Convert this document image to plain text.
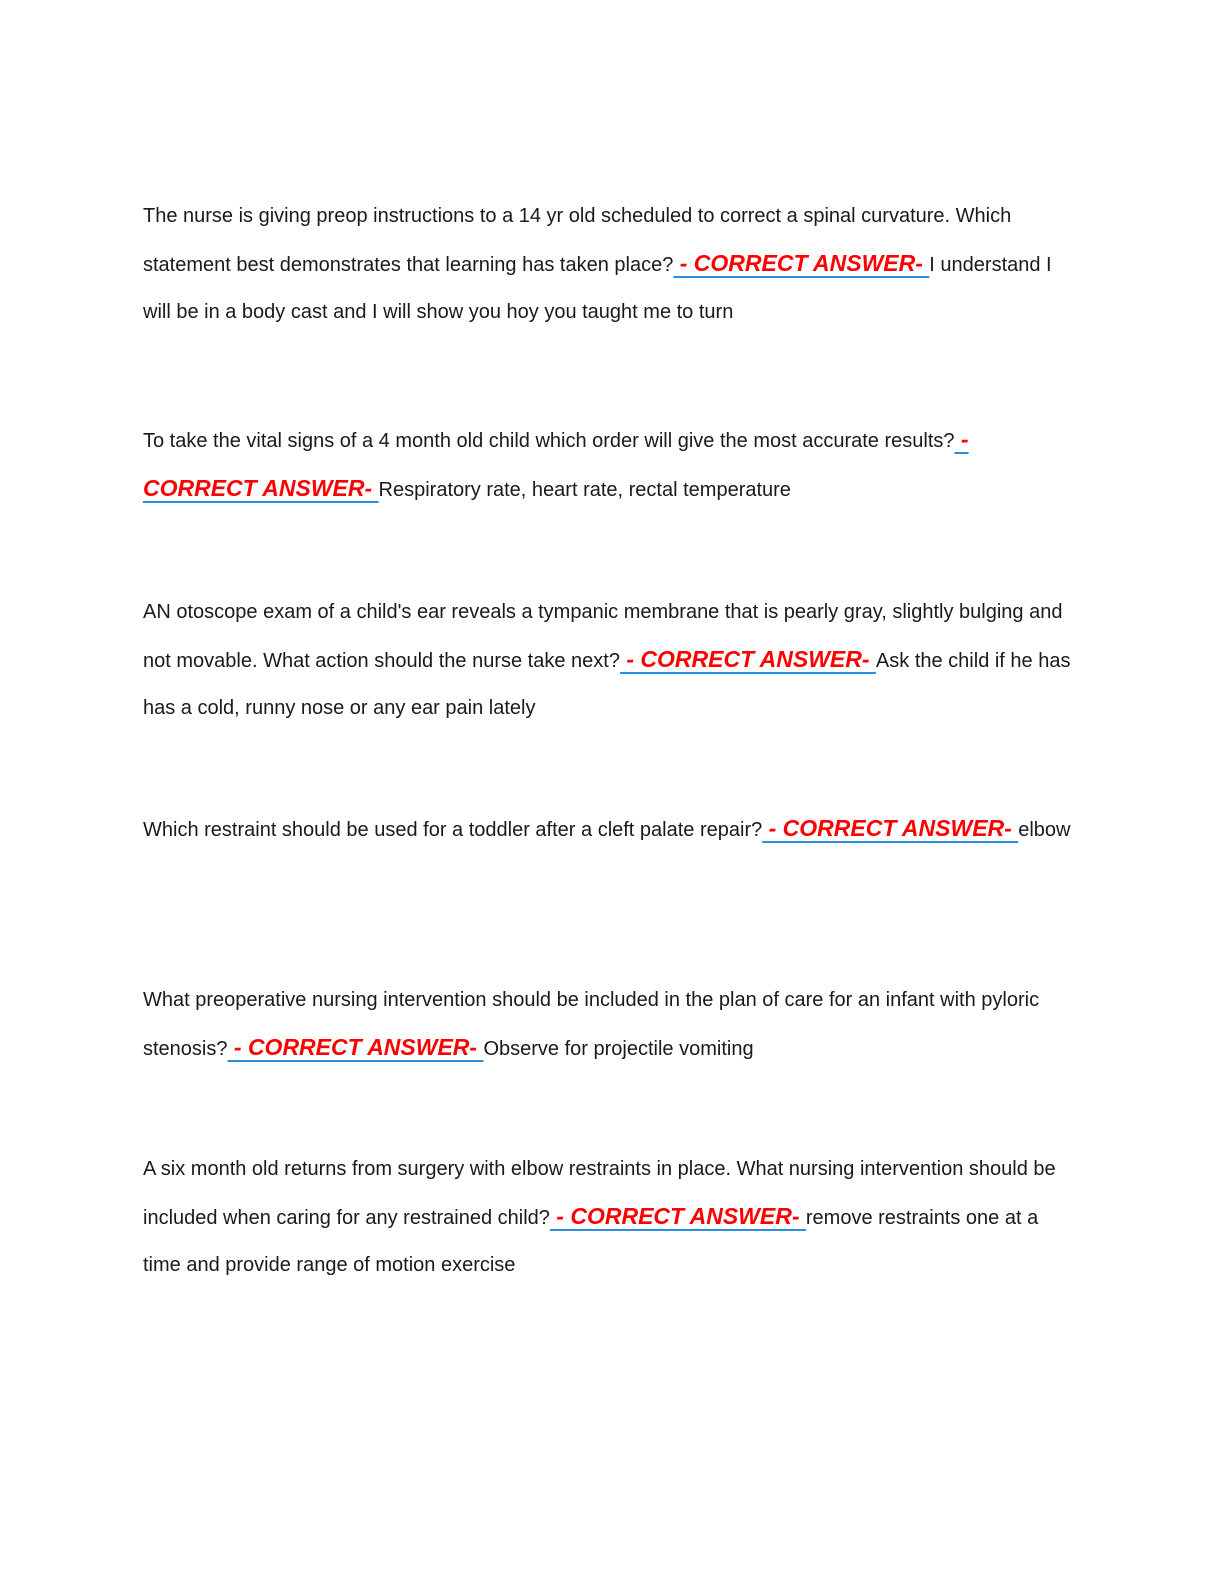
The nurse is giving preop instructions to a 14 yr old scheduled to correct a spinal curvature. Which statement best demonstrates that learning has taken place? - CORRECT ANSWER- I understand I will be in a body cast and I will show you hoy you taught me to turn

To take the vital signs of a 4 month old child which order will give the most accurate results? - CORRECT ANSWER- Respiratory rate, heart rate, rectal temperature

AN otoscope exam of a child's ear reveals a tympanic membrane that is pearly gray, slightly bulging and not movable. What action should the nurse take next? - CORRECT ANSWER- Ask the child if he has has a cold, runny nose or any ear pain lately

Which restraint should be used for a toddler after a cleft palate repair? - CORRECT ANSWER- elbow

What preoperative nursing intervention should be included in the plan of care for an infant with pyloric stenosis? - CORRECT ANSWER- Observe for projectile vomiting

A six month old returns from surgery with elbow restraints in place. What nursing intervention should be included when caring for any restrained child? - CORRECT ANSWER- remove restraints one at a time and provide range of motion exercise
